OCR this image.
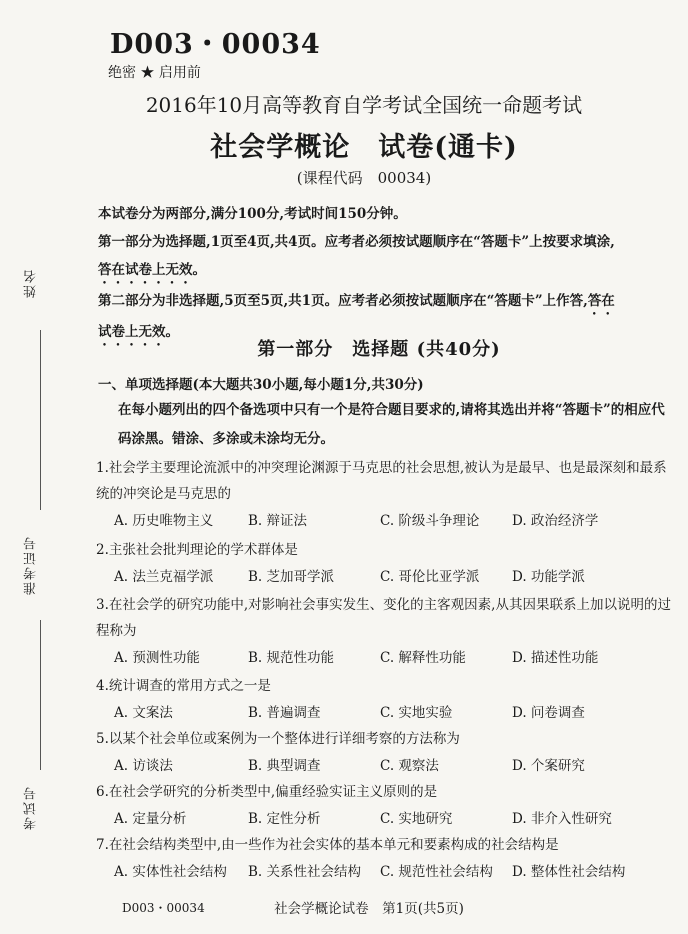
D003・00034
绝密 ★ 启用前
2016年10月高等教育自学考试全国统一命题考试
社会学概论　试卷(通卡)
(课程代码　00034)

本试卷分为两部分,满分100分,考试时间150分钟。

第一部分为选择题,1页至4页,共4页。应考者必须按试题顺序在“答题卡”上按要求填涂,

答在试卷上无效。

第二部分为非选择题,5页至5页,共1页。应考者必须按试题顺序在“答题卡”上作答,答在

试卷上无效。

第一部分　选择题 (共40分)
一、单项选择题(本大题共30小题,每小题1分,共30分)
在每小题列出的四个备选项中只有一个是符合题目要求的,请将其选出并将“答题卡”的相应代码涂黑。错涂、多涂或未涂均无分。
1.社会学主要理论流派中的冲突理论渊源于马克思的社会思想,被认为是最早、也是最深刻和最系统的冲突论是马克思的
A. 历史唯物主义	B. 辩证法	C. 阶级斗争理论	D. 政治经济学
2.主张社会批判理论的学术群体是
A. 法兰克福学派	B. 芝加哥学派	C. 哥伦比亚学派	D. 功能学派
3.在社会学的研究功能中,对影响社会事实发生、变化的主客观因素,从其因果联系上加以说明的过程称为
A. 预测性功能	B. 规范性功能	C. 解释性功能	D. 描述性功能
4.统计调查的常用方式之一是
A. 文案法	B. 普遍调查	C. 实地实验	D. 问卷调查
5.以某个社会单位或案例为一个整体进行详细考察的方法称为
A. 访谈法	B. 典型调查	C. 观察法	D. 个案研究
6.在社会学研究的分析类型中,偏重经验实证主义原则的是
A. 定量分析	B. 定性分析	C. 实地研究	D. 非介入性研究
7.在社会结构类型中,由一些作为社会实体的基本单元和要素构成的社会结构是
A. 实体性社会结构	B. 关系性社会结构	C. 规范性社会结构	D. 整体性社会结构
姓名
准考证号
考试号
D003・00034	社会学概论试卷　第1页(共5页)
